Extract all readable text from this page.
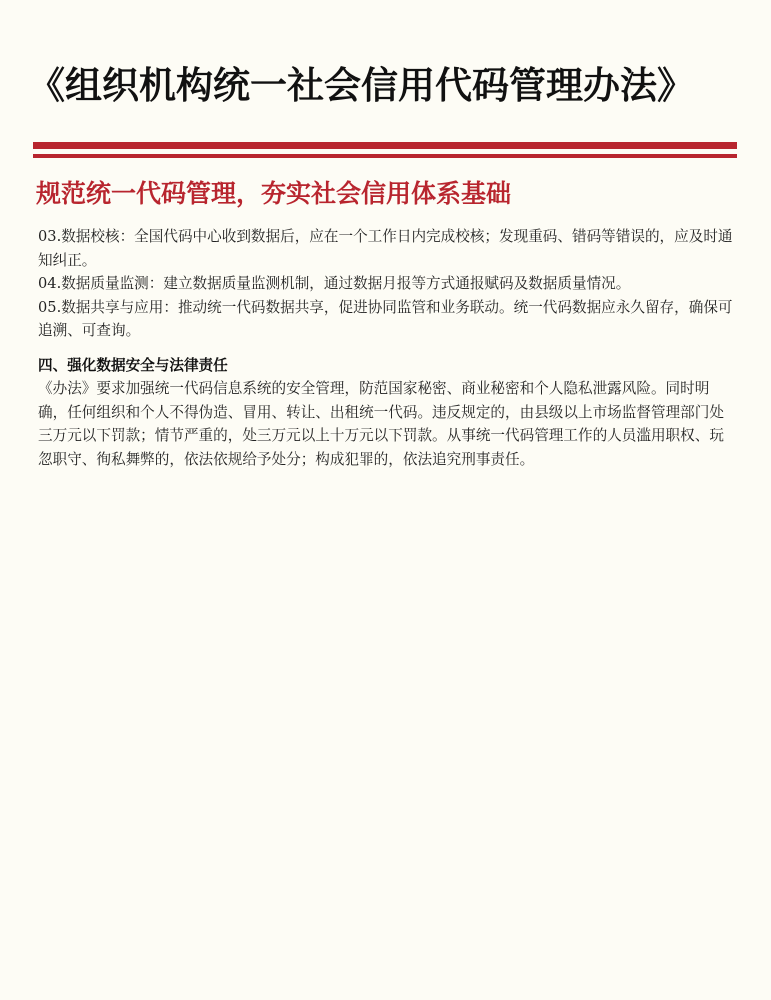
《组织机构统一社会信用代码管理办法》
规范统一代码管理，夯实社会信用体系基础

03.数据校核：全国代码中心收到数据后，应在一个工作日内完成校核；发现重码、错码等错误的，应及时通知纠正。

04.数据质量监测：建立数据质量监测机制，通过数据月报等方式通报赋码及数据质量情况。

05.数据共享与应用：推动统一代码数据共享，促进协同监管和业务联动。统一代码数据应永久留存，确保可追溯、可查询。

四、强化数据安全与法律责任

《办法》要求加强统一代码信息系统的安全管理，防范国家秘密、商业秘密和个人隐私泄露风险。同时明确，任何组织和个人不得伪造、冒用、转让、出租统一代码。违反规定的，由县级以上市场监督管理部门处三万元以下罚款；情节严重的，处三万元以上十万元以下罚款。从事统一代码管理工作的人员滥用职权、玩忽职守、徇私舞弊的，依法依规给予处分；构成犯罪的，依法追究刑事责任。
